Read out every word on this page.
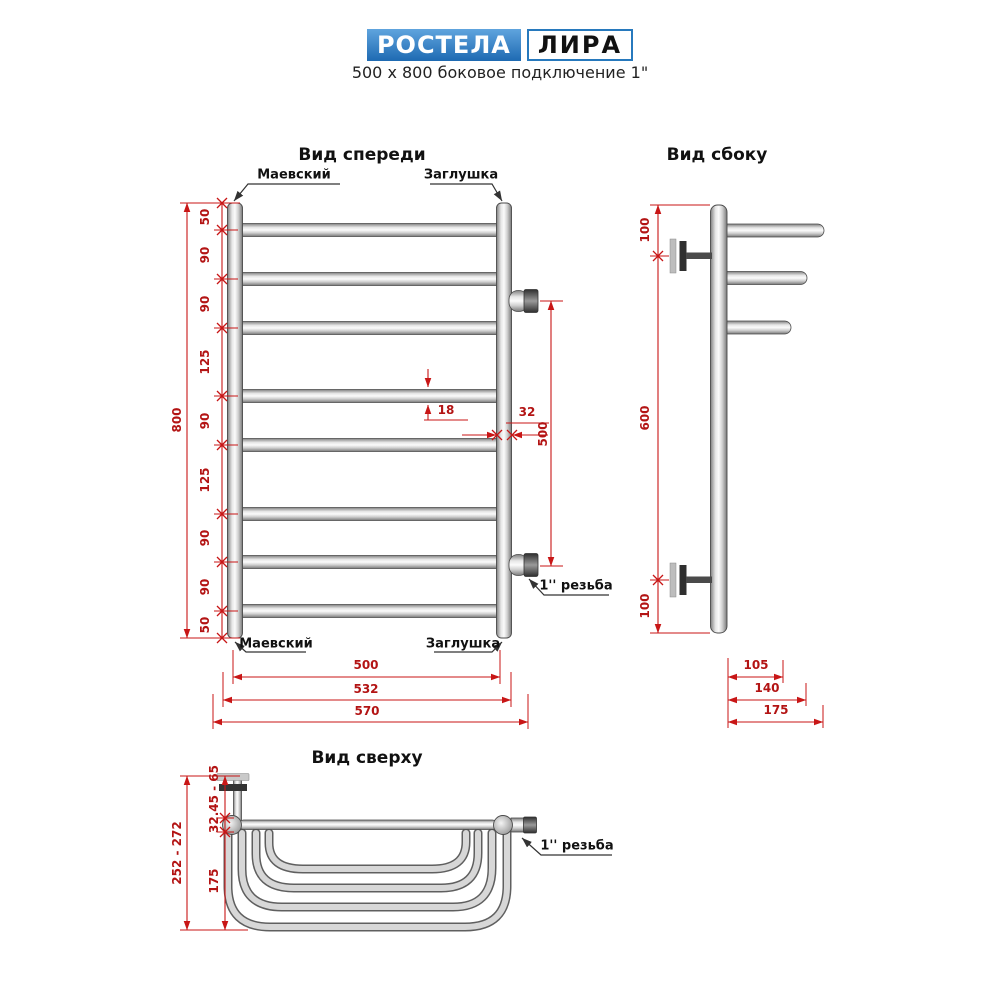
РОСТЕЛА	ЛИРА
500 x 800 боковое подключение 1"
Вид спереди
Маевский	Заглушка
Маевский	Заглушка
1'' резьба
800
50
90
90
125
90
125
90
90
50
18	32
500
500
532
570
Вид сбоку
100
600
100
105
140
175
Вид сверху
252 - 272
32.45 - 65
175
1'' резьба
